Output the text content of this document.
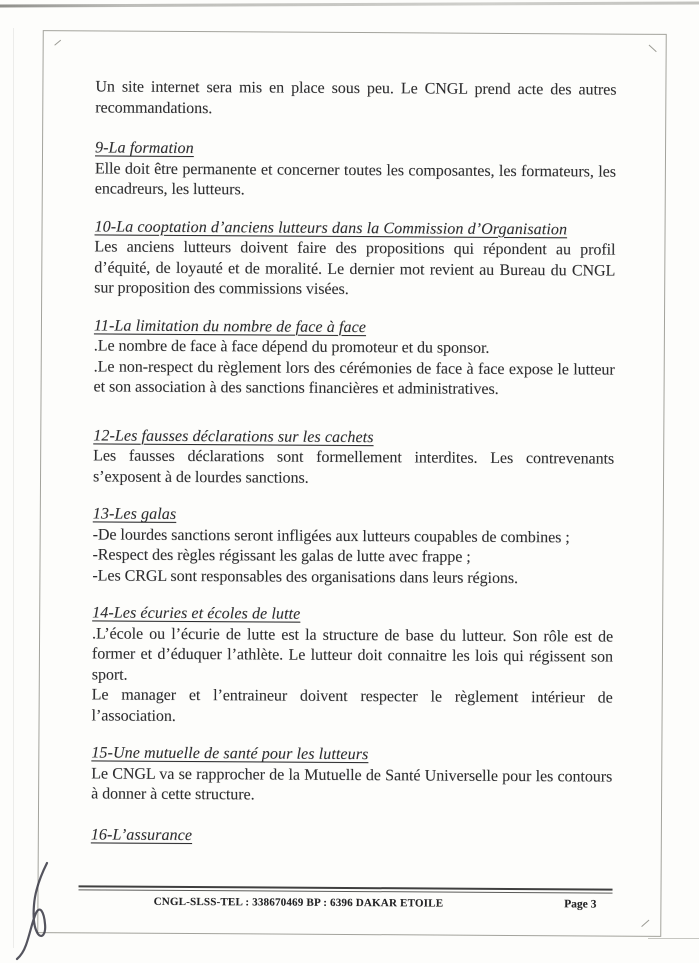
Un site internet sera mis en place sous peu. Le CNGL prend acte des autres recommandations.

9-La formation

Elle doit être permanente et concerner toutes les composantes, les formateurs, les encadreurs, les lutteurs.

10-La cooptation d’anciens lutteurs dans la Commission d’Organisation

Les anciens lutteurs doivent faire des propositions qui répondent au profil d’équité, de loyauté et de moralité. Le dernier mot revient au Bureau du CNGL sur proposition des commissions visées.

11-La limitation du nombre de face à face

.Le nombre de face à face dépend du promoteur et du sponsor.

.Le non-respect du règlement lors des cérémonies de face à face expose le lutteur et son association à des sanctions financières et administratives.

12-Les fausses déclarations sur les cachets

Les fausses déclarations sont formellement interdites. Les contrevenants s’exposent à de lourdes sanctions.

13-Les galas

-De lourdes sanctions seront infligées aux lutteurs coupables de combines ;

-Respect des règles régissant les galas de lutte avec frappe ;

-Les CRGL sont responsables des organisations dans leurs régions.

14-Les écuries et écoles de lutte

.L’école ou l’écurie de lutte est la structure de base du lutteur. Son rôle est de former et d’éduquer l’athlète. Le lutteur doit connaitre les lois qui régissent son sport.

Le manager et l’entraineur doivent respecter le règlement intérieur de l’association.

15-Une mutuelle de santé pour les lutteurs

Le CNGL va se rapprocher de la Mutuelle de Santé Universelle pour les contours à donner à cette structure.

16-L’assurance
CNGL-SLSS-TEL : 338670469 BP : 6396 DAKAR ETOILE	Page 3
